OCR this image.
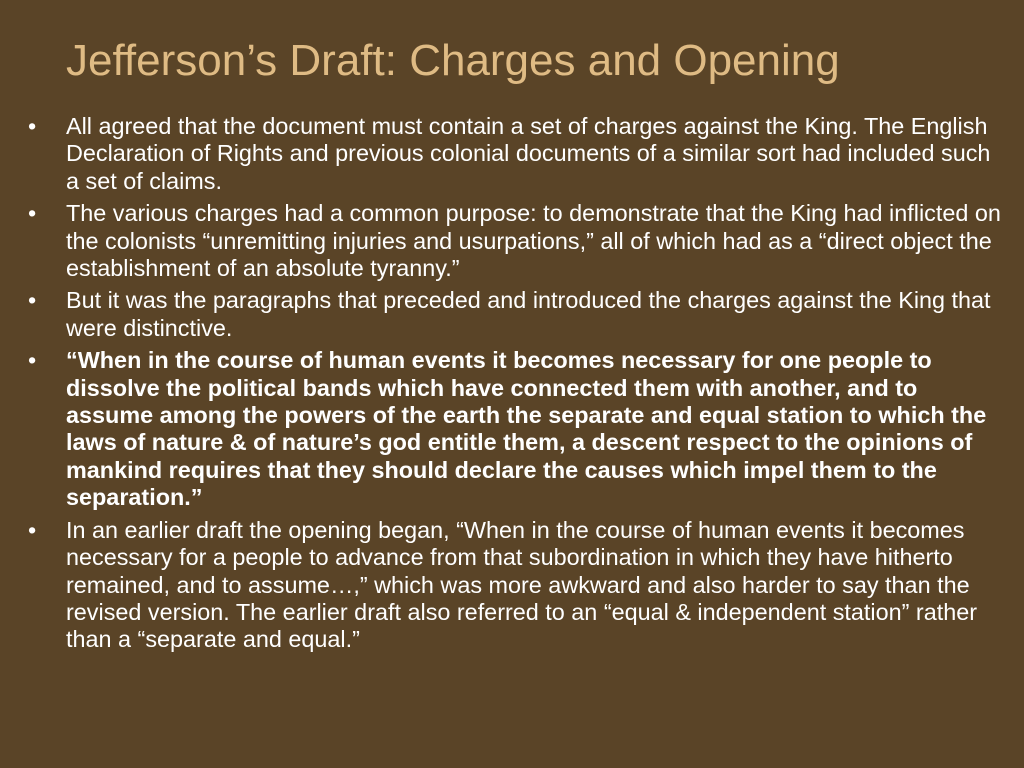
Jefferson’s Draft: Charges and Opening
• All agreed that the document must contain a set of charges against the King. The English Declaration of Rights and previous colonial documents of a similar sort had included such a set of claims.
• The various charges had a common purpose: to demonstrate that the King had inflicted on the colonists “unremitting injuries and usurpations,” all of which had as a “direct object the establishment of an absolute tyranny.”
• But it was the paragraphs that preceded and introduced the charges against the King that were distinctive.
• “When in the course of human events it becomes necessary for one people to dissolve the political bands which have connected them with another, and to assume among the powers of the earth the separate and equal station to which the laws of nature & of nature’s god entitle them, a descent respect to the opinions of mankind requires that they should declare the causes which impel them to the separation.”
• In an earlier draft the opening began, “When in the course of human events it becomes necessary for a people to advance from that subordination in which they have hitherto remained, and to assume…,” which was more awkward and also harder to say than the revised version. The earlier draft also referred to an “equal & independent station” rather than a “separate and equal.”
